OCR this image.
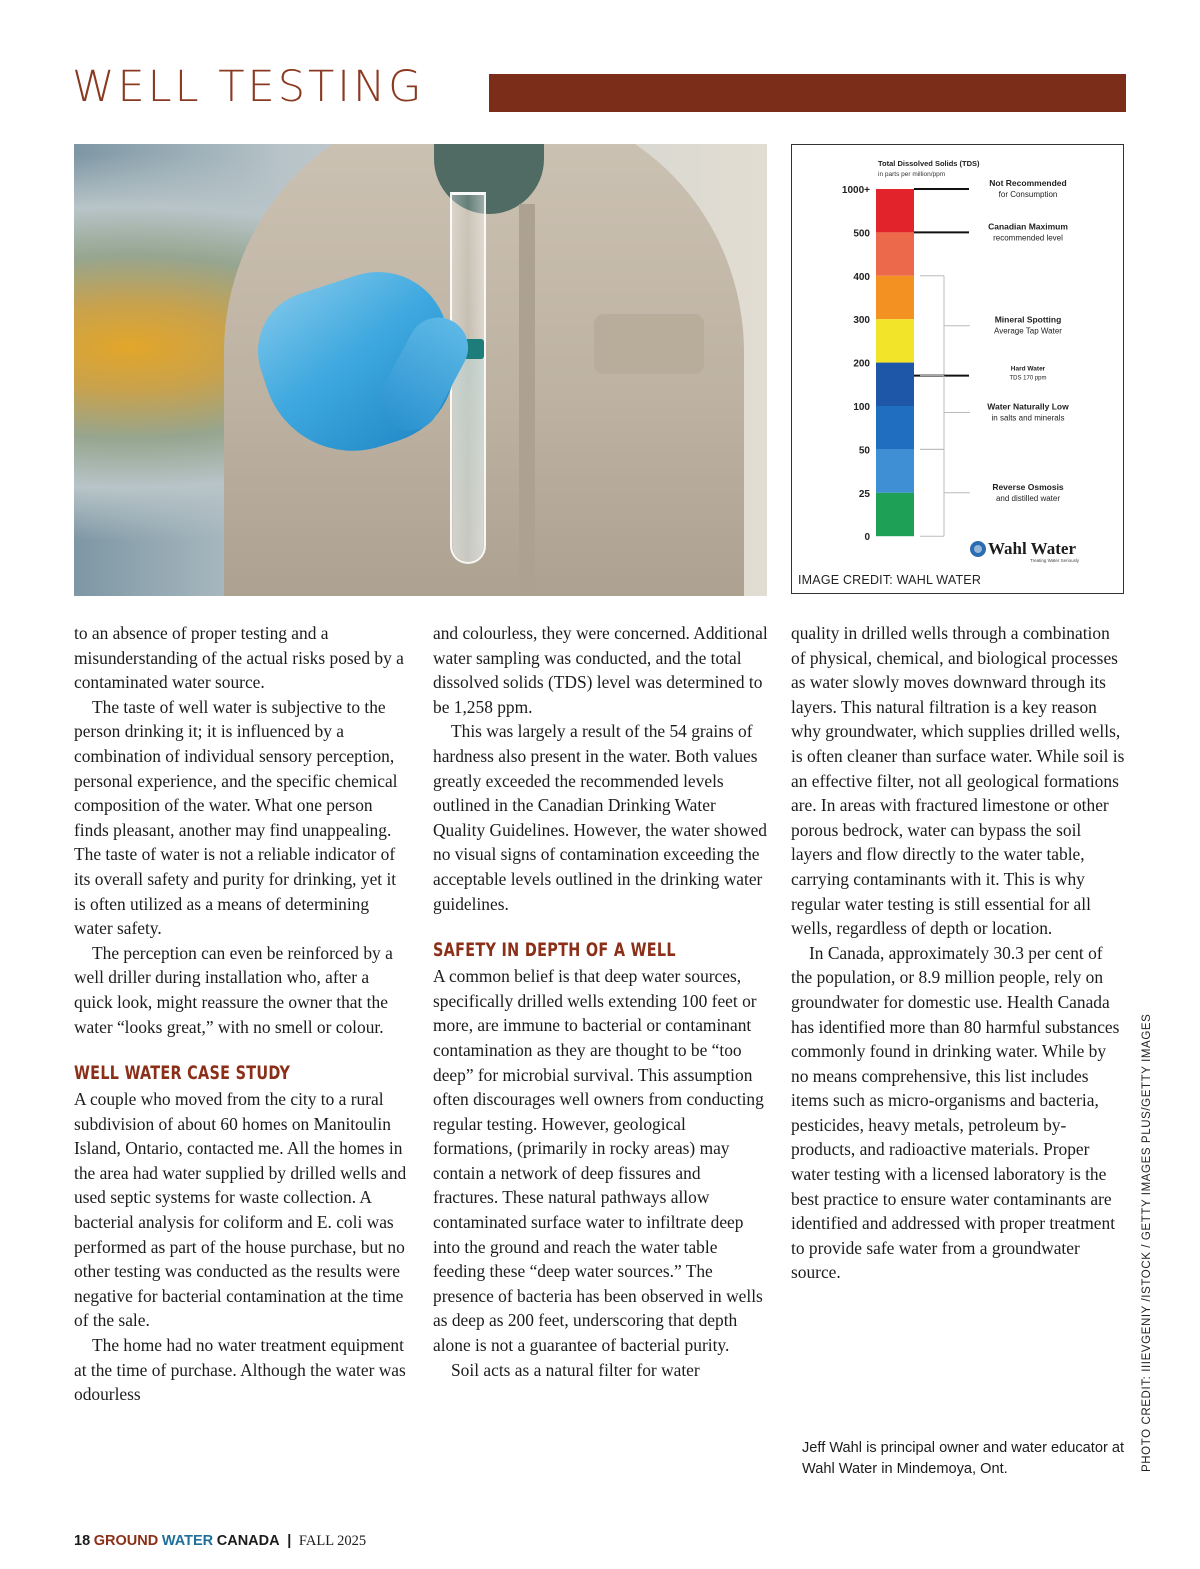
WELL TESTING
Total Dissolved Solids (TDS)
in parts per million/ppm
1000+
500
400
300
200
100
50
25
0
Not Recommended
for Consumption
Canadian Maximum
recommended level
Mineral Spotting
Average Tap Water
Hard Water
TDS 170 ppm
Water Naturally Low
in salts and minerals
Reverse Osmosis
and distilled water
Wahl Water
Treating Water Seriously
IMAGE CREDIT: WAHL WATER

to an absence of proper testing and a misunderstanding of the actual risks posed by a contaminated water source.

The taste of well water is subjective to the person drinking it; it is influenced by a combination of individual sensory perception, personal experience, and the specific chemical composition of the water. What one person finds pleasant, another may find unappealing. The taste of water is not a reliable indicator of its overall safety and purity for drinking, yet it is often utilized as a means of determining water safety.

The perception can even be reinforced by a well driller during installation who, after a quick look, might reassure the owner that the water “looks great,” with no smell or colour.

WELL WATER CASE STUDY

A couple who moved from the city to a rural subdivision of about 60 homes on Manitoulin Island, Ontario, contacted me. All the homes in the area had water supplied by drilled wells and used septic systems for waste collection. A bacterial analysis for coliform and E. coli was performed as part of the house purchase, but no other testing was conducted as the results were negative for bacterial contamination at the time of the sale.

The home had no water treatment equipment at the time of purchase. Although the water was odourless

and colourless, they were concerned. Additional water sampling was conducted, and the total dissolved solids (TDS) level was determined to be 1,258 ppm.

This was largely a result of the 54 grains of hardness also present in the water. Both values greatly exceeded the recommended levels outlined in the Canadian Drinking Water Quality Guidelines. However, the water showed no visual signs of contamination exceeding the acceptable levels outlined in the drinking water guidelines.

SAFETY IN DEPTH OF A WELL

A common belief is that deep water sources, specifically drilled wells extending 100 feet or more, are immune to bacterial or contaminant contamination as they are thought to be “too deep” for microbial survival. This assumption often discourages well owners from conducting regular testing. However, geological formations, (primarily in rocky areas) may contain a network of deep fissures and fractures. These natural pathways allow contaminated surface water to infiltrate deep into the ground and reach the water table feeding these “deep water sources.” The presence of bacteria has been observed in wells as deep as 200 feet, underscoring that depth alone is not a guarantee of bacterial purity.

Soil acts as a natural filter for water

quality in drilled wells through a combination of physical, chemical, and biological processes as water slowly moves downward through its layers. This natural filtration is a key reason why groundwater, which supplies drilled wells, is often cleaner than surface water. While soil is an effective filter, not all geological formations are. In areas with fractured limestone or other porous bedrock, water can bypass the soil layers and flow directly to the water table, carrying contaminants with it. This is why regular water testing is still essential for all wells, regardless of depth or location.

In Canada, approximately 30.3 per cent of the population, or 8.9 million people, rely on groundwater for domestic use. Health Canada has identified more than 80 harmful substances commonly found in drinking water. While by no means comprehensive, this list includes items such as micro-organisms and bacteria, pesticides, heavy metals, petroleum by-products, and radioactive materials. Proper water testing with a licensed laboratory is the best practice to ensure water contaminants are identified and addressed with proper treatment to provide safe water from a groundwater source.

Jeff Wahl is principal owner and water educator at Wahl Water in Mindemoya, Ont.	PHOTO CREDIT: IIIEVGENIY /ISTOCK / GETTY IMAGES PLUS/GETTY IMAGES
18 GROUND WATER CANADA | FALL 2025
